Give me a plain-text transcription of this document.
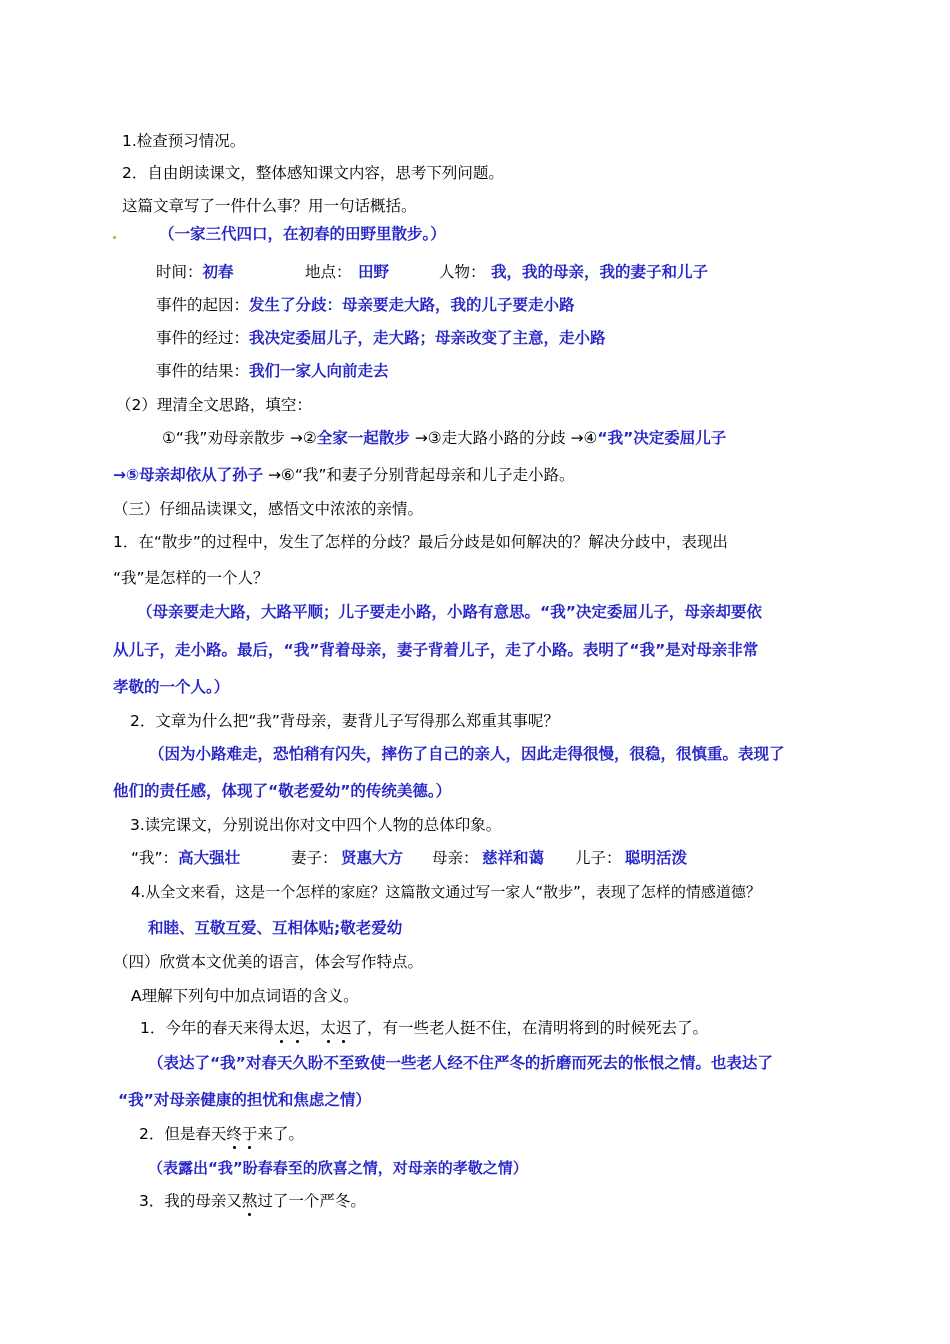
1.检查预习情况。
2．自由朗读课文，整体感知课文内容，思考下列问题。
这篇文章写了一件什么事？用一句话概括。
（一家三代四口，在初春的田野里散步。）
时间：初春	地点： 田野	人物： 我，我的母亲，我的妻子和儿子
事件的起因：发生了分歧：母亲要走大路，我的儿子要走小路
事件的经过：我决定委屈儿子，走大路；母亲改变了主意，走小路
事件的结果：我们一家人向前走去
（2）理清全文思路，填空：
①“我”劝母亲散步 →②全家一起散步 →③走大路小路的分歧 →④“我”决定委屈儿子
→⑤母亲却依从了孙子 →⑥“我”和妻子分别背起母亲和儿子走小路。
（三）仔细品读课文，感悟文中浓浓的亲情。
1．在“散步”的过程中，发生了怎样的分歧？最后分歧是如何解决的？解决分歧中，表现出
“我”是怎样的一个人？
（母亲要走大路，大路平顺；儿子要走小路，小路有意思。“我”决定委屈儿子，母亲却要依
从儿子，走小路。最后，“我”背着母亲，妻子背着儿子，走了小路。表明了“我”是对母亲非常
孝敬的一个人。）
2．文章为什么把“我”背母亲，妻背儿子写得那么郑重其事呢？
（因为小路难走，恐怕稍有闪失，摔伤了自己的亲人，因此走得很慢，很稳，很慎重。表现了
他们的责任感，体现了“敬老爱幼”的传统美德。）
3.读完课文，分别说出你对文中四个人物的总体印象。
“我”：高大强壮	妻子： 贤惠大方 母亲： 慈祥和蔼 儿子： 聪明活泼
4.从全文来看，这是一个怎样的家庭？这篇散文通过写一家人“散步”，表现了怎样的情感道德？
和睦、互敬互爱、互相体贴;敬老爱幼
（四）欣赏本文优美的语言，体会写作特点。
A理解下列句中加点词语的含义。
1．今年的春天来得太迟，太迟了，有一些老人挺不住，在清明将到的时候死去了。
（表达了“我”对春天久盼不至致使一些老人经不住严冬的折磨而死去的怅恨之情。也表达了
“我”对母亲健康的担忧和焦虑之情）
2．但是春天终于来了。
（表露出“我”盼春春至的欣喜之情，对母亲的孝敬之情）
3．我的母亲又熬过了一个严冬。
